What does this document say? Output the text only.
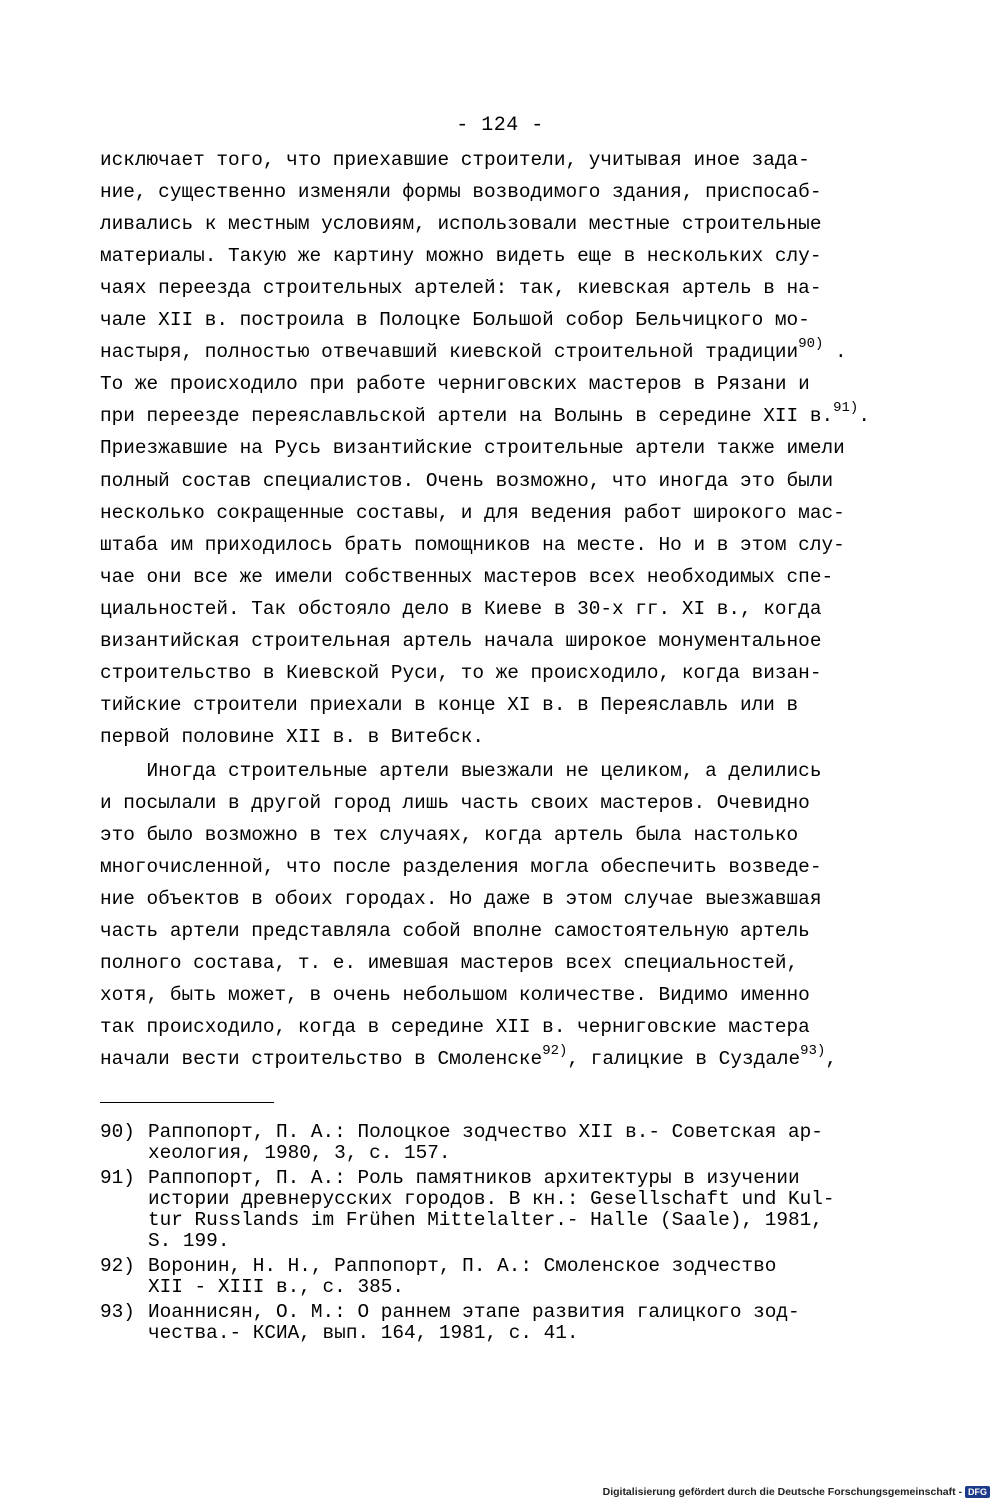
- 124 -
исключает того, что приехавшие строители, учитывая иное зада-
ние, существенно изменяли формы возводимого здания, приспосаб-
ливались к местным условиям, использовали местные строительные
материалы. Такую же картину можно видеть еще в нескольких слу-
чаях переезда строительных артелей: так, киевская артель в на-
чале XII в. построила в Полоцке Большой собор Бельчицкого мо-
настыря, полностью отвечавший киевской строительной традиции$^{90)}$ .
То же происходило при работе черниговских мастеров в Рязани и
при переезде переяславльской артели на Волынь в середине XII в.$^{91)}$.
Приезжавшие на Русь византийские строительные артели также имели
полный состав специалистов. Очень возможно, что иногда это были
несколько сокращенные составы, и для ведения работ широкого мас-
штаба им приходилось брать помощников на месте. Но и в этом слу-
чае они все же имели собственных мастеров всех необходимых спе-
циальностей. Так обстояло дело в Киеве в 30-х гг. XI в., когда
византийская строительная артель начала широкое монументальное
строительство в Киевской Руси, то же происходило, когда визан-
тийские строители приехали в конце XI в. в Переяславль или в
первой половине XII в. в Витебск.
Иногда строительные артели выезжали не целиком, а делились
и посылали в другой город лишь часть своих мастеров. Очевидно
это было возможно в тех случаях, когда артель была настолько
многочисленной, что после разделения могла обеспечить возведе-
ние объектов в обоих городах. Но даже в этом случае выезжавшая
часть артели представляла собой вполне самостоятельную артель
полного состава, т. е. имевшая мастеров всех специальностей,
хотя, быть может, в очень небольшом количестве. Видимо именно
так происходило, когда в середине XII в. черниговские мастера
начали вести строительство в Смоленске$^{92)}$, галицкие в Суздале$^{93)}$,
90) Раппопорт, П. А.: Полоцкое зодчество XII в.- Советская ар-
хеология, 1980, 3, с. 157.
91) Раппопорт, П. А.: Роль памятников архитектуры в изучении
истории древнерусских городов. В кн.: Gesellschaft und Kul-
tur Russlands im Frühen Mittelalter.- Halle (Saale), 1981,
S. 199.
92) Воронин, Н. Н., Раппопорт, П. А.: Смоленское зодчество
XII - XIII в., с. 385.
93) Иоаннисян, О. М.: О раннем этапе развития галицкого зод-
чества.- КСИА, вып. 164, 1981, с. 41.
Digitalisierung gefördert durch die Deutsche Forschungsgemeinschaft - DFG
